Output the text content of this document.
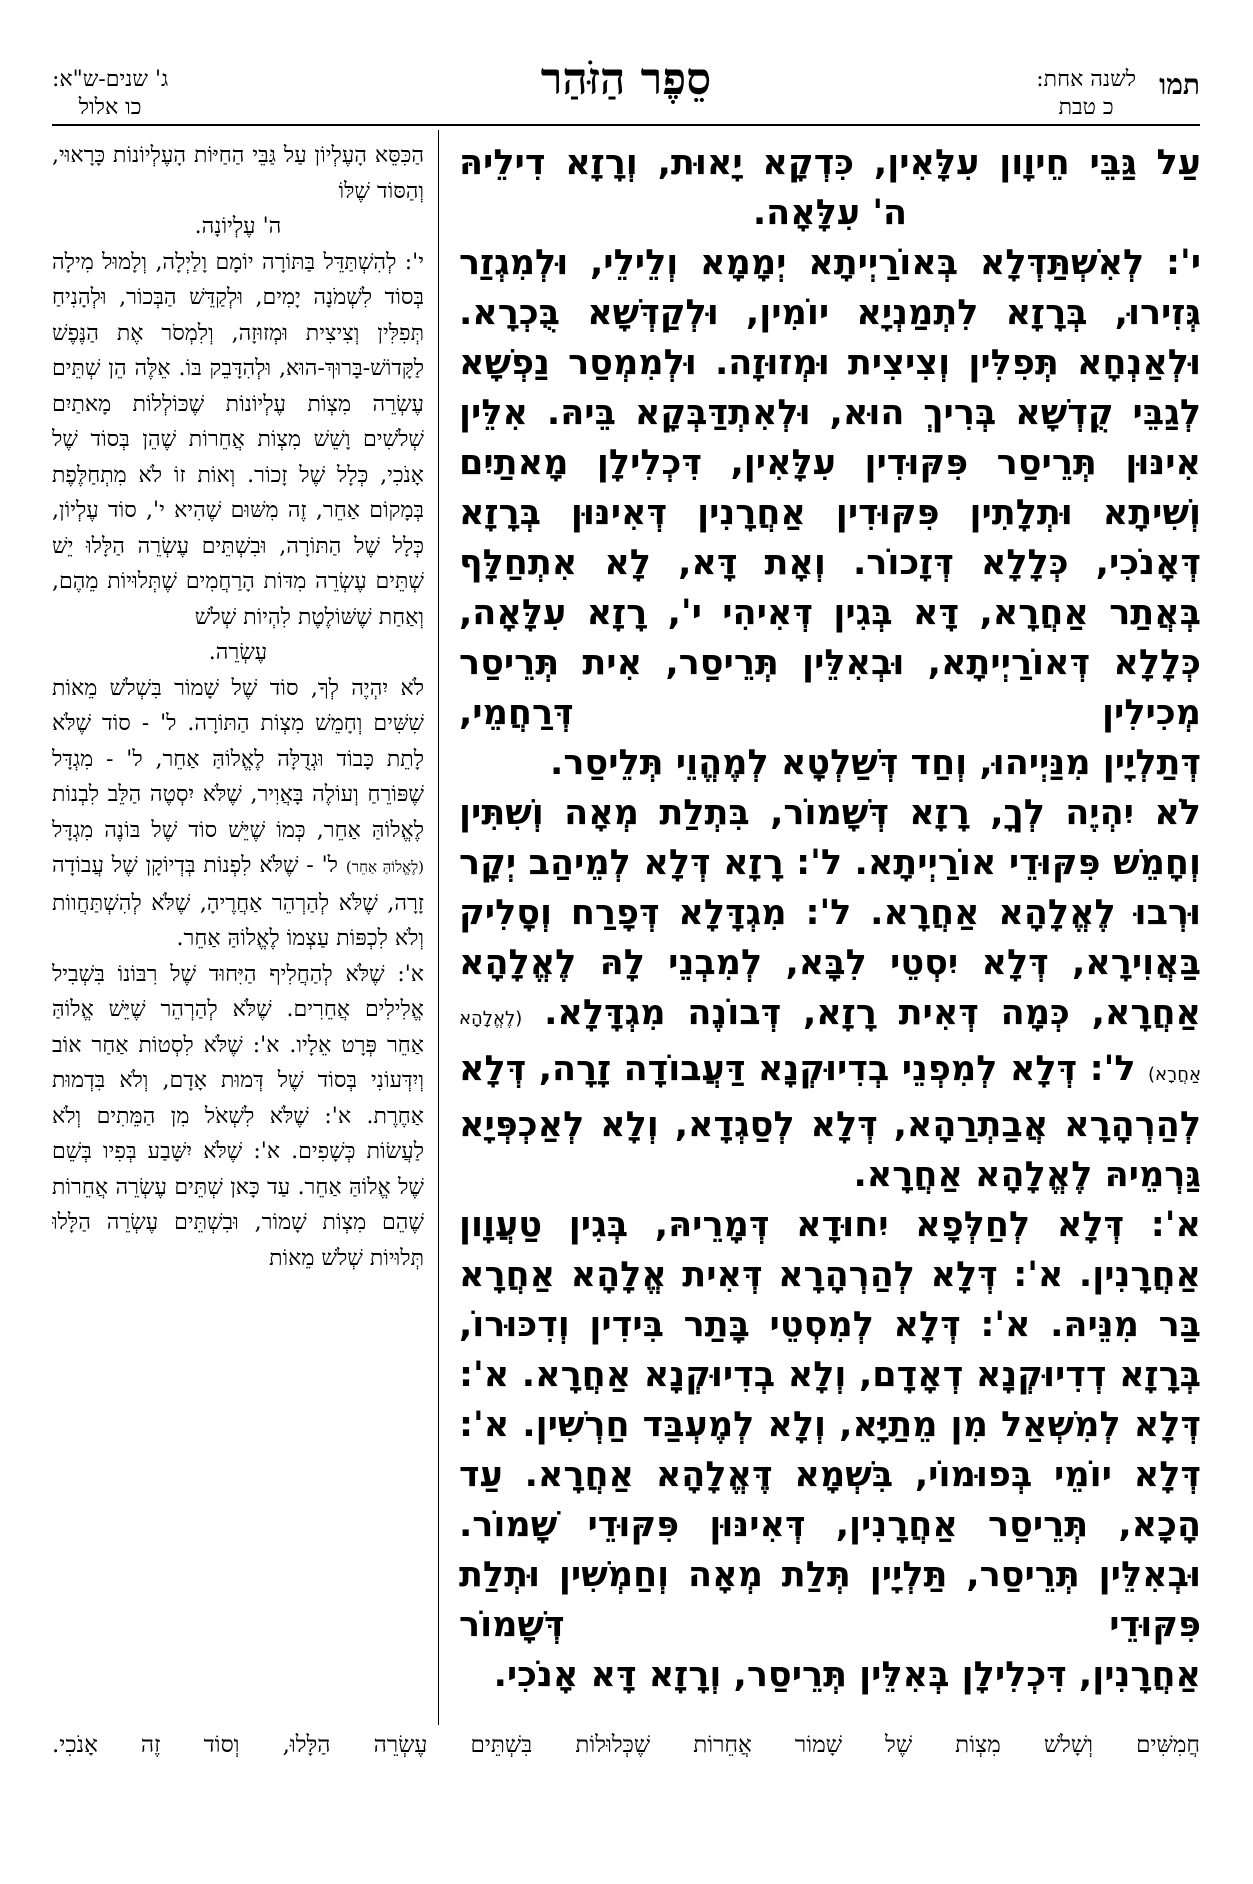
תמו
לשנה אחת:
כ טבת
סֵפֶר הַזֹּהַר
ג' שנים-ש"א:
כו אלול

עַל גַּבֵּי חֵיוָון עִלָּאִין, כִּדְקָא יָאוּת, וְרָזָא דִילֵיהּ

ה' עִלָּאָה.

י': לְאִשְׁתַּדְּלָא בְּאוֹרַיְיתָא יְמָמָא וְלֵילֵי, וּלְמִגְזַר גְּזִירוּ, בְּרָזָא לִתְמַנְיָא יוֹמִין, וּלְקַדְּשָׁא בֻּכְרָא. וּלְאַנְחָא תְּפִלִּין וְצִיצִית וּמְזוּזָה. וּלְמִמְסַר נַפְשָׁא לְגַבֵּי קֻדְשָׁא בְּרִיךְ הוּא, וּלְאִתְדַּבְּקָא בֵּיהּ. אִלֵּין אִינּוּן תְּרֵיסַר פִּקּוּדִין עִלָּאִין, דִּכְלִילָן מָאתַיִם וְשִׁיתָא וּתְלָתִין פִּקּוּדִין אַחֲרָנִין דְּאִינּוּן בְּרָזָא דְּאָנֹכִי, כְּלָלָא דְּזָכוֹר. וְאָת דָּא, לָא אִתְחַלָּף בְּאֲתַר אַחֲרָא, דָּא בְּגִין דְּאִיהִי י', רָזָא עִלָּאָה, כְּלָלָא דְּאוֹרַיְיתָא, וּבְאִלֵּין תְּרֵיסַר, אִית תְּרֵיסַר מְכִילִין דְּרַחֲמֵי,

דְּתַלְיָין מִנַּיְיהוּ, וְחַד דְּשַׁלְטָא לְמֶהֱוֵי תְּלֵיסַר.

לֹא יִהְיֶה לְךָ, רָזָא דְּשָׁמוֹר, בִּתְלַת מְאָה וְשִׁתִּין וְחָמֵשׁ פִּקּוּדֵי אוֹרַיְיתָא. ל': רָזָא דְּלָא לְמֵיהַב יְקָר וּרְבוּ לֶאֱלָהָא אַחֲרָא. ל': מִגְדָּלָא דְּפָרַח וְסָלִיק בַּאֲוִירָא, דְּלָא יִסְטֵי לִבָּא, לְמִבְנֵי לָהּ לֶאֱלָהָא אַחֲרָא, כְּמָה דְּאִית רָזָא, דְּבוֹנֶה מִגְדָּלָא. (לֶאֱלָהָא אַחֲרָא) ל': דְּלָא לְמִפְנֵי בְדִיוּקְנָא דַּעֲבוֹדָה זָרָה, דְּלָא לְהַרְהָרָא אֲבַתְרַהָא, דְּלָא לְסַגְדָא, וְלָא לְאַכְפְּיָא גַּרְמֵיהּ לֶאֱלָהָא אַחֲרָא.

א': דְּלָא לְחַלְּפָא יִחוּדָא דְּמָרֵיהּ, בְּגִין טַעֲוָון אַחֲרָנִין. א': דְּלָא לְהַרְהָרָא דְּאִית אֱלָהָא אַחֲרָא בַּר מִנֵּיהּ. א': דְּלָא לְמִסְטֵי בָּתַר בִּידִין וְדִכּוּרוֹ, בְּרָזָא דְדִיוּקְנָא דְאָדָם, וְלָא בְדִיוּקְנָא אַחֲרָא. א': דְּלָא לְמִשְׁאַל מִן מֵתַיָּא, וְלָא לְמֶעְבַּד חַרְשִׁין. א': דְּלָא יוֹמֵי בְּפוּמוֹי, בִּשְׁמָא דֶּאֱלָהָא אַחֲרָא. עַד הָכָא, תְּרֵיסַר אַחֲרָנִין, דְּאִינּוּן פִּקּוּדֵי שָׁמוֹר. וּבְאִלֵּין תְּרֵיסַר, תַּלְיָין תְּלַת מְאָה וְחַמְשִׁין וּתְלַת פִּקּוּדֵי דְּשָׁמוֹר

אַחֲרָנִין, דִּכְלִילָן בְּאִלֵּין תְּרֵיסַר, וְרָזָא דָּא אָנֹכִי.

הַכִּסֵּא הָעֶלְיוֹן עַל גַּבֵּי הַחַיּוֹת הָעֶלְיוֹנוֹת כָּרָאוּי, וְהַסּוֹד שֶׁלּוֹ

ה' עֶלְיוֹנָה.

י': לְהִשְׁתַּדֵּל בַּתּוֹרָה יוֹמָם וָלַיְלָה, וְלָמוּל מִילָה בְּסוֹד לִשְׁמֹנָה יָמִים, וּלְקַדֵּשׁ הַבְּכוֹר, וּלְהָנִיחַ תְּפִלִּין וְצִיצִית וּמְזוּזָה, וְלִמְסֹר אֶת הַנֶּפֶשׁ לַקָּדוֹשׁ-בָּרוּךְ-הוּא, וּלְהִדָּבֵק בּוֹ. אֵלֶּה הֵן שְׁתֵּים עֶשְׂרֵה מִצְוֹת עֶלְיוֹנוֹת שֶׁכּוֹלְלוֹת מָאתַיִם שְׁלֹשִׁים וָשֵׁשׁ מִצְוֹת אֲחֵרוֹת שֶׁהֵן בְּסוֹד שֶׁל אָנֹכִי, כְּלָל שֶׁל זָכוֹר. וְאוֹת זוֹ לֹא מִתְחַלֶּפֶת בְּמָקוֹם אַחֵר, זֶה מִשּׁוּם שֶׁהִיא י', סוֹד עֶלְיוֹן, כְּלָל שֶׁל הַתּוֹרָה, וּבִשְׁתֵּים עֶשְׂרֵה הַלָּלוּ יֵשׁ שְׁתֵּים עֶשְׂרֵה מִדּוֹת הָרַחֲמִים שֶׁתְּלוּיוֹת מֵהֶם, וְאַחַת שֶׁשּׁוֹלֶטֶת לִהְיוֹת שְׁלֹשׁ

עֶשְׂרֵה.

לֹא יִהְיֶה לְךָ, סוֹד שֶׁל שָׁמוֹר בִּשְׁלֹשׁ מֵאוֹת שִׁשִּׁים וְחָמֵשׁ מִצְוֹת הַתּוֹרָה. ל' - סוֹד שֶׁלֹּא לָתֵת כָּבוֹד וּגְדֻלָּה לֶאֱלוֹהַּ אַחֵר, ל' - מִגְדָּל שֶׁפּוֹרֵחַ וְעוֹלֶה בָּאֲוִיר, שֶׁלֹּא יִסְטֶה הַלֵּב לִבְנוֹת לֶאֱלוֹהַּ אַחֵר, כְּמוֹ שֶׁיֵּשׁ סוֹד שֶׁל בּוֹנֶה מִגְדָּל (לֶאֱלוֹהַּ אַחֵר) ל' - שֶׁלֹּא לִפְנוֹת בְּדְיוֹקָן שֶׁל עֲבוֹדָה זָרָה, שֶׁלֹּא לְהַרְהֵר אַחֲרֶיהָ, שֶׁלֹּא לְהִשְׁתַּחֲווֹת וְלֹא לִכְפּוֹת עַצְמוֹ לֶאֱלוֹהַּ אַחֵר.

א': שֶׁלֹּא לְהַחֲלִיף הַיִּחוּד שֶׁל רִבּוֹנוֹ בִּשְׁבִיל אֱלִילִים אֲחֵרִים. שֶׁלֹּא לְהַרְהֵר שֶׁיֵּשׁ אֱלוֹהַּ אַחֵר פְּרָט אֵלָיו. א': שֶׁלֹּא לִסְטוֹת אַחַר אוֹב וְיִדְּעוֹנִי בְּסוֹד שֶׁל דְּמוּת אָדָם, וְלֹא בִּדְמוּת אַחֶרֶת. א': שֶׁלֹּא לִשְׁאֹל מִן הַמֵּתִים וְלֹא לַעֲשׂוֹת כְּשָׁפִים. א': שֶׁלֹּא יִשָּׁבַע בְּפִיו בְּשֵׁם שֶׁל אֱלוֹהַּ אַחֵר. עַד כָּאן שְׁתֵּים עֶשְׂרֵה אֲחֵרוֹת שֶׁהֵם מִצְוֹת שָׁמוֹר, וּבִשְׁתֵּים עֶשְׂרֵה הַלָּלוּ תְּלוּיוֹת שְׁלֹשׁ מֵאוֹת

חֲמִשִּׁים וְשָׁלֹשׁ מִצְוֹת שֶׁל שָׁמוֹר אֲחֵרוֹת שֶׁכְּלוּלוֹת בִּשְׁתֵּים עֶשְׂרֵה הַלָּלוּ, וְסוֹד זֶה אָנֹכִי.
